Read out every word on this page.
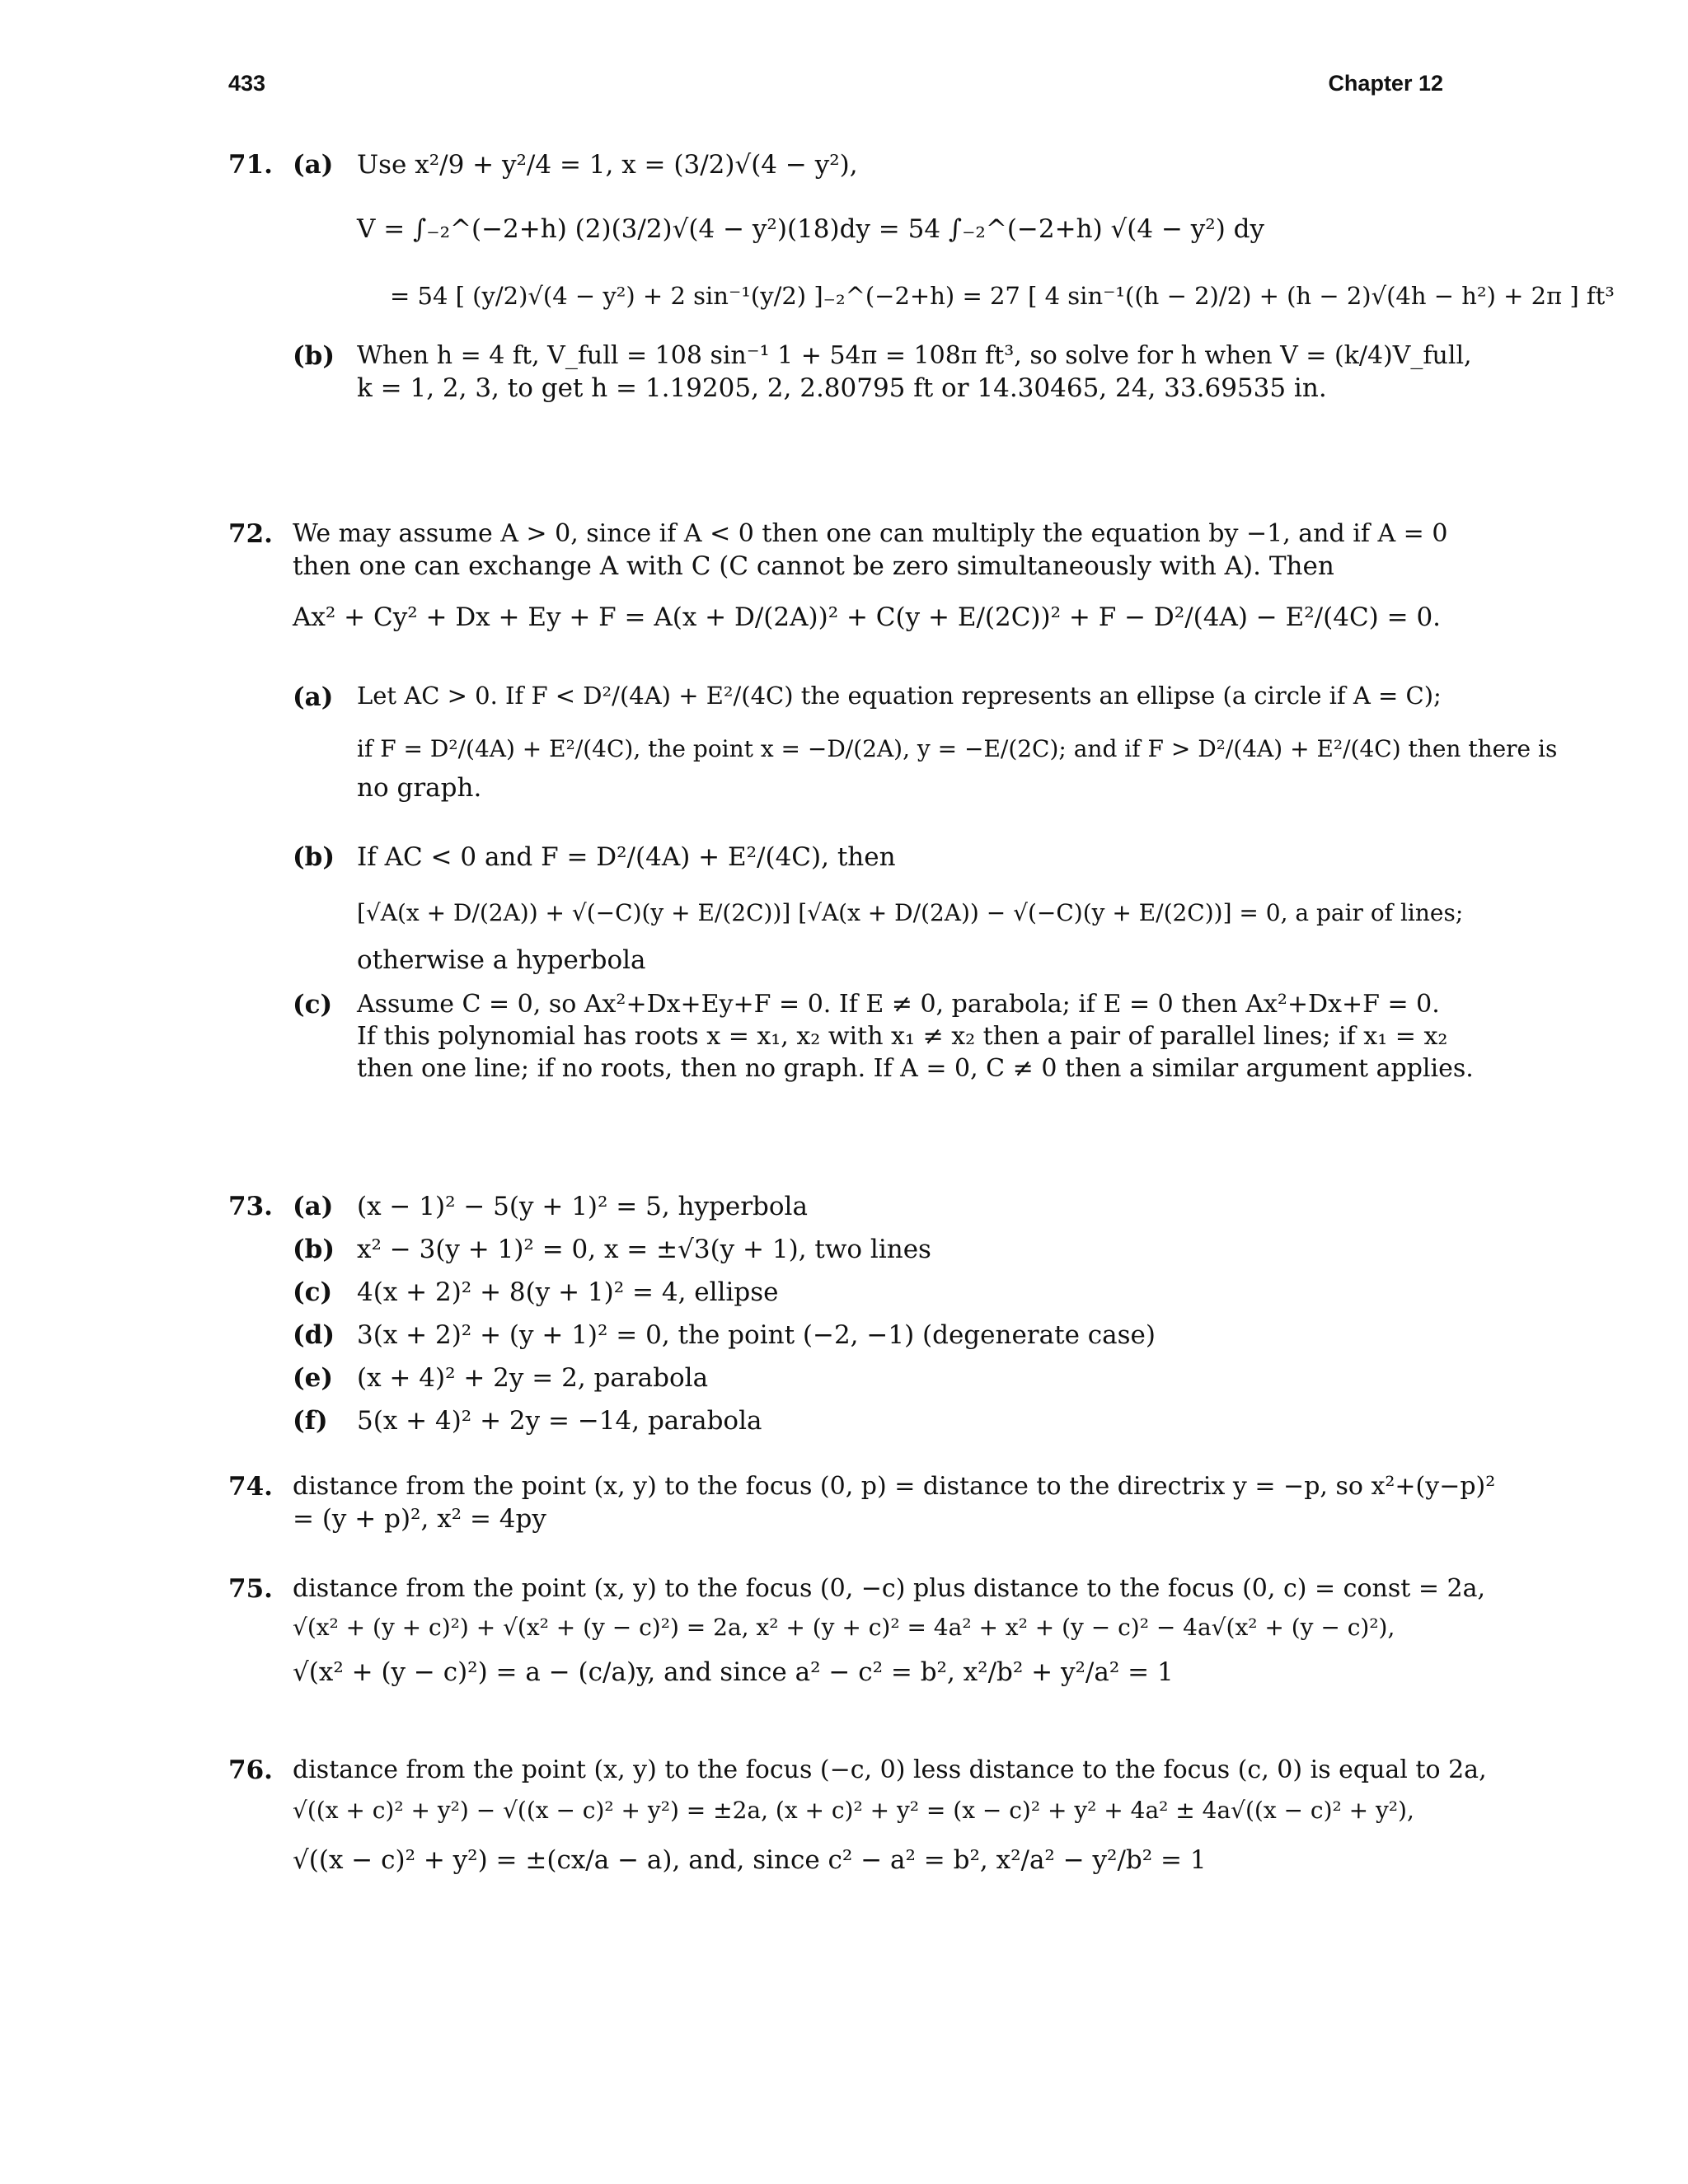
433	Chapter 12
71. (a) Use x²/9 + y²/4 = 1, x = (3/2)√(4 − y²),
V = ∫₋₂^(−2+h) (2)(3/2)√(4 − y²)(18)dy = 54 ∫₋₂^(−2+h) √(4 − y²) dy
= 54 [ (y/2)√(4 − y²) + 2 sin⁻¹(y/2) ]₋₂^(−2+h) = 27 [ 4 sin⁻¹((h − 2)/2) + (h − 2)√(4h − h²) + 2π ] ft³
(b) When h = 4 ft, V_full = 108 sin⁻¹ 1 + 54π = 108π ft³, so solve for h when V = (k/4)V_full,
k = 1, 2, 3, to get h = 1.19205, 2, 2.80795 ft or 14.30465, 24, 33.69535 in.
72. We may assume A > 0, since if A < 0 then one can multiply the equation by −1, and if A = 0
then one can exchange A with C (C cannot be zero simultaneously with A). Then
Ax² + Cy² + Dx + Ey + F = A(x + D/(2A))² + C(y + E/(2C))² + F − D²/(4A) − E²/(4C) = 0.
(a) Let AC > 0. If F < D²/(4A) + E²/(4C) the equation represents an ellipse (a circle if A = C);
if F = D²/(4A) + E²/(4C), the point x = −D/(2A), y = −E/(2C); and if F > D²/(4A) + E²/(4C) then there is
no graph.
(b) If AC < 0 and F = D²/(4A) + E²/(4C), then
[√A(x + D/(2A)) + √(−C)(y + E/(2C))] [√A(x + D/(2A)) − √(−C)(y + E/(2C))] = 0, a pair of lines;
otherwise a hyperbola
(c) Assume C = 0, so Ax²+Dx+Ey+F = 0. If E ≠ 0, parabola; if E = 0 then Ax²+Dx+F = 0.
If this polynomial has roots x = x₁, x₂ with x₁ ≠ x₂ then a pair of parallel lines; if x₁ = x₂
then one line; if no roots, then no graph. If A = 0, C ≠ 0 then a similar argument applies.
73. (a) (x − 1)² − 5(y + 1)² = 5, hyperbola
(b) x² − 3(y + 1)² = 0, x = ±√3(y + 1), two lines
(c) 4(x + 2)² + 8(y + 1)² = 4, ellipse
(d) 3(x + 2)² + (y + 1)² = 0, the point (−2, −1) (degenerate case)
(e) (x + 4)² + 2y = 2, parabola
(f) 5(x + 4)² + 2y = −14, parabola
74. distance from the point (x, y) to the focus (0, p) = distance to the directrix y = −p, so x²+(y−p)²
= (y + p)², x² = 4py
75. distance from the point (x, y) to the focus (0, −c) plus distance to the focus (0, c) = const = 2a,
√(x² + (y + c)²) + √(x² + (y − c)²) = 2a, x² + (y + c)² = 4a² + x² + (y − c)² − 4a√(x² + (y − c)²),
√(x² + (y − c)²) = a − (c/a)y, and since a² − c² = b², x²/b² + y²/a² = 1
76. distance from the point (x, y) to the focus (−c, 0) less distance to the focus (c, 0) is equal to 2a,
√((x + c)² + y²) − √((x − c)² + y²) = ±2a, (x + c)² + y² = (x − c)² + y² + 4a² ± 4a√((x − c)² + y²),
√((x − c)² + y²) = ±(cx/a − a), and, since c² − a² = b², x²/a² − y²/b² = 1
